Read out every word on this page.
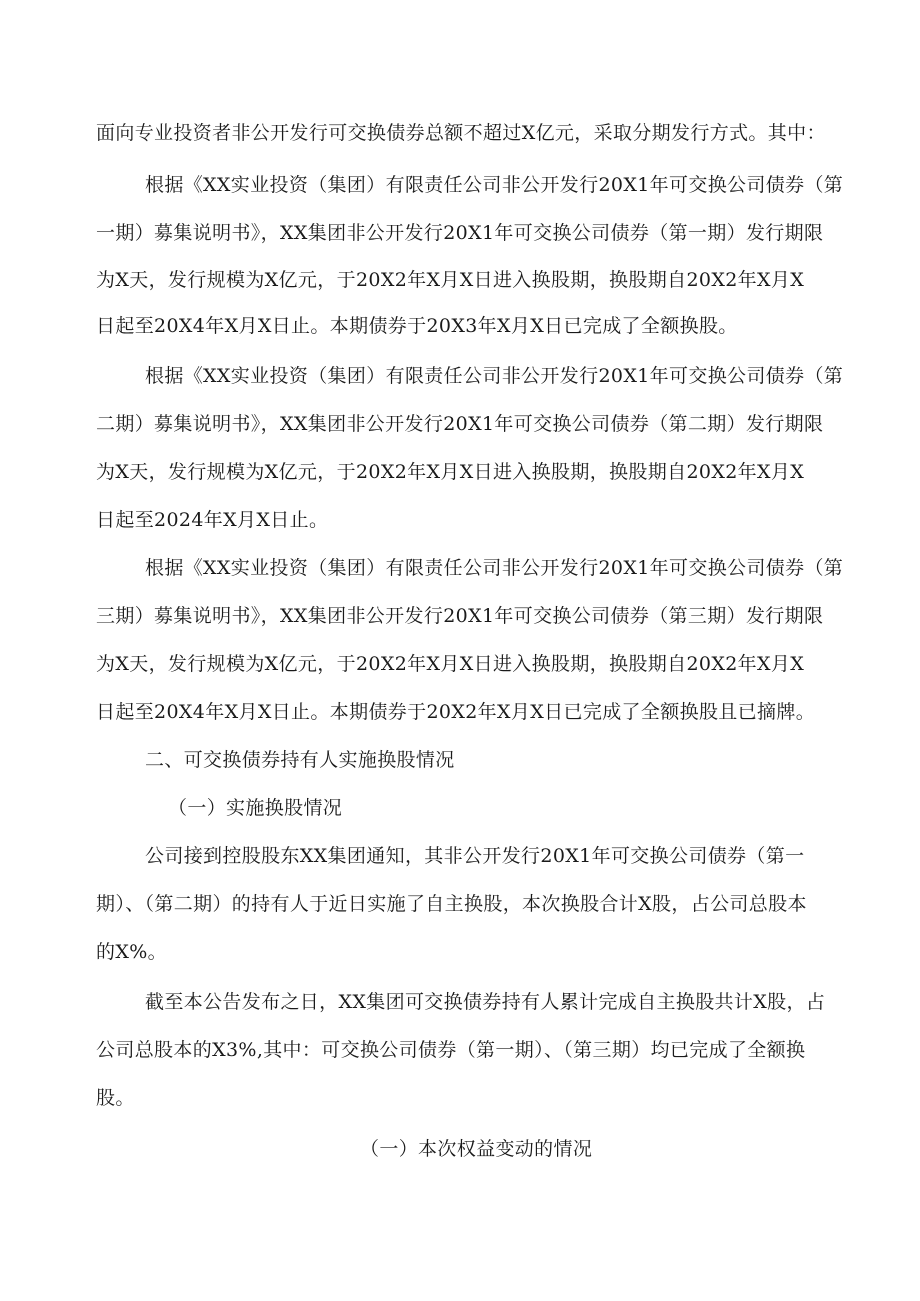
面向专业投资者非公开发行可交换债券总额不超过X亿元，采取分期发行方式。其中：
根据《XX实业投资（集团）有限责任公司非公开发行20X1年可交换公司债券（第
一期）募集说明书》，XX集团非公开发行20X1年可交换公司债券（第一期）发行期限
为X天，发行规模为X亿元，于20X2年X月X日进入换股期，换股期自20X2年X月X
日起至20X4年X月X日止。本期债券于20X3年X月X日已完成了全额换股。
根据《XX实业投资（集团）有限责任公司非公开发行20X1年可交换公司债券（第
二期）募集说明书》，XX集团非公开发行20X1年可交换公司债券（第二期）发行期限
为X天，发行规模为X亿元，于20X2年X月X日进入换股期，换股期自20X2年X月X
日起至2024年X月X日止。
根据《XX实业投资（集团）有限责任公司非公开发行20X1年可交换公司债券（第
三期）募集说明书》，XX集团非公开发行20X1年可交换公司债券（第三期）发行期限
为X天，发行规模为X亿元，于20X2年X月X日进入换股期，换股期自20X2年X月X
日起至20X4年X月X日止。本期债券于20X2年X月X日已完成了全额换股且已摘牌。
二、可交换债券持有人实施换股情况
（一）实施换股情况
公司接到控股股东XX集团通知，其非公开发行20X1年可交换公司债券（第一
期）、（第二期）的持有人于近日实施了自主换股，本次换股合计X股，占公司总股本
的X%。
截至本公告发布之日，XX集团可交换债券持有人累计完成自主换股共计X股，占
公司总股本的X3%,其中：可交换公司债券（第一期）、（第三期）均已完成了全额换
股。
（一）本次权益变动的情况
